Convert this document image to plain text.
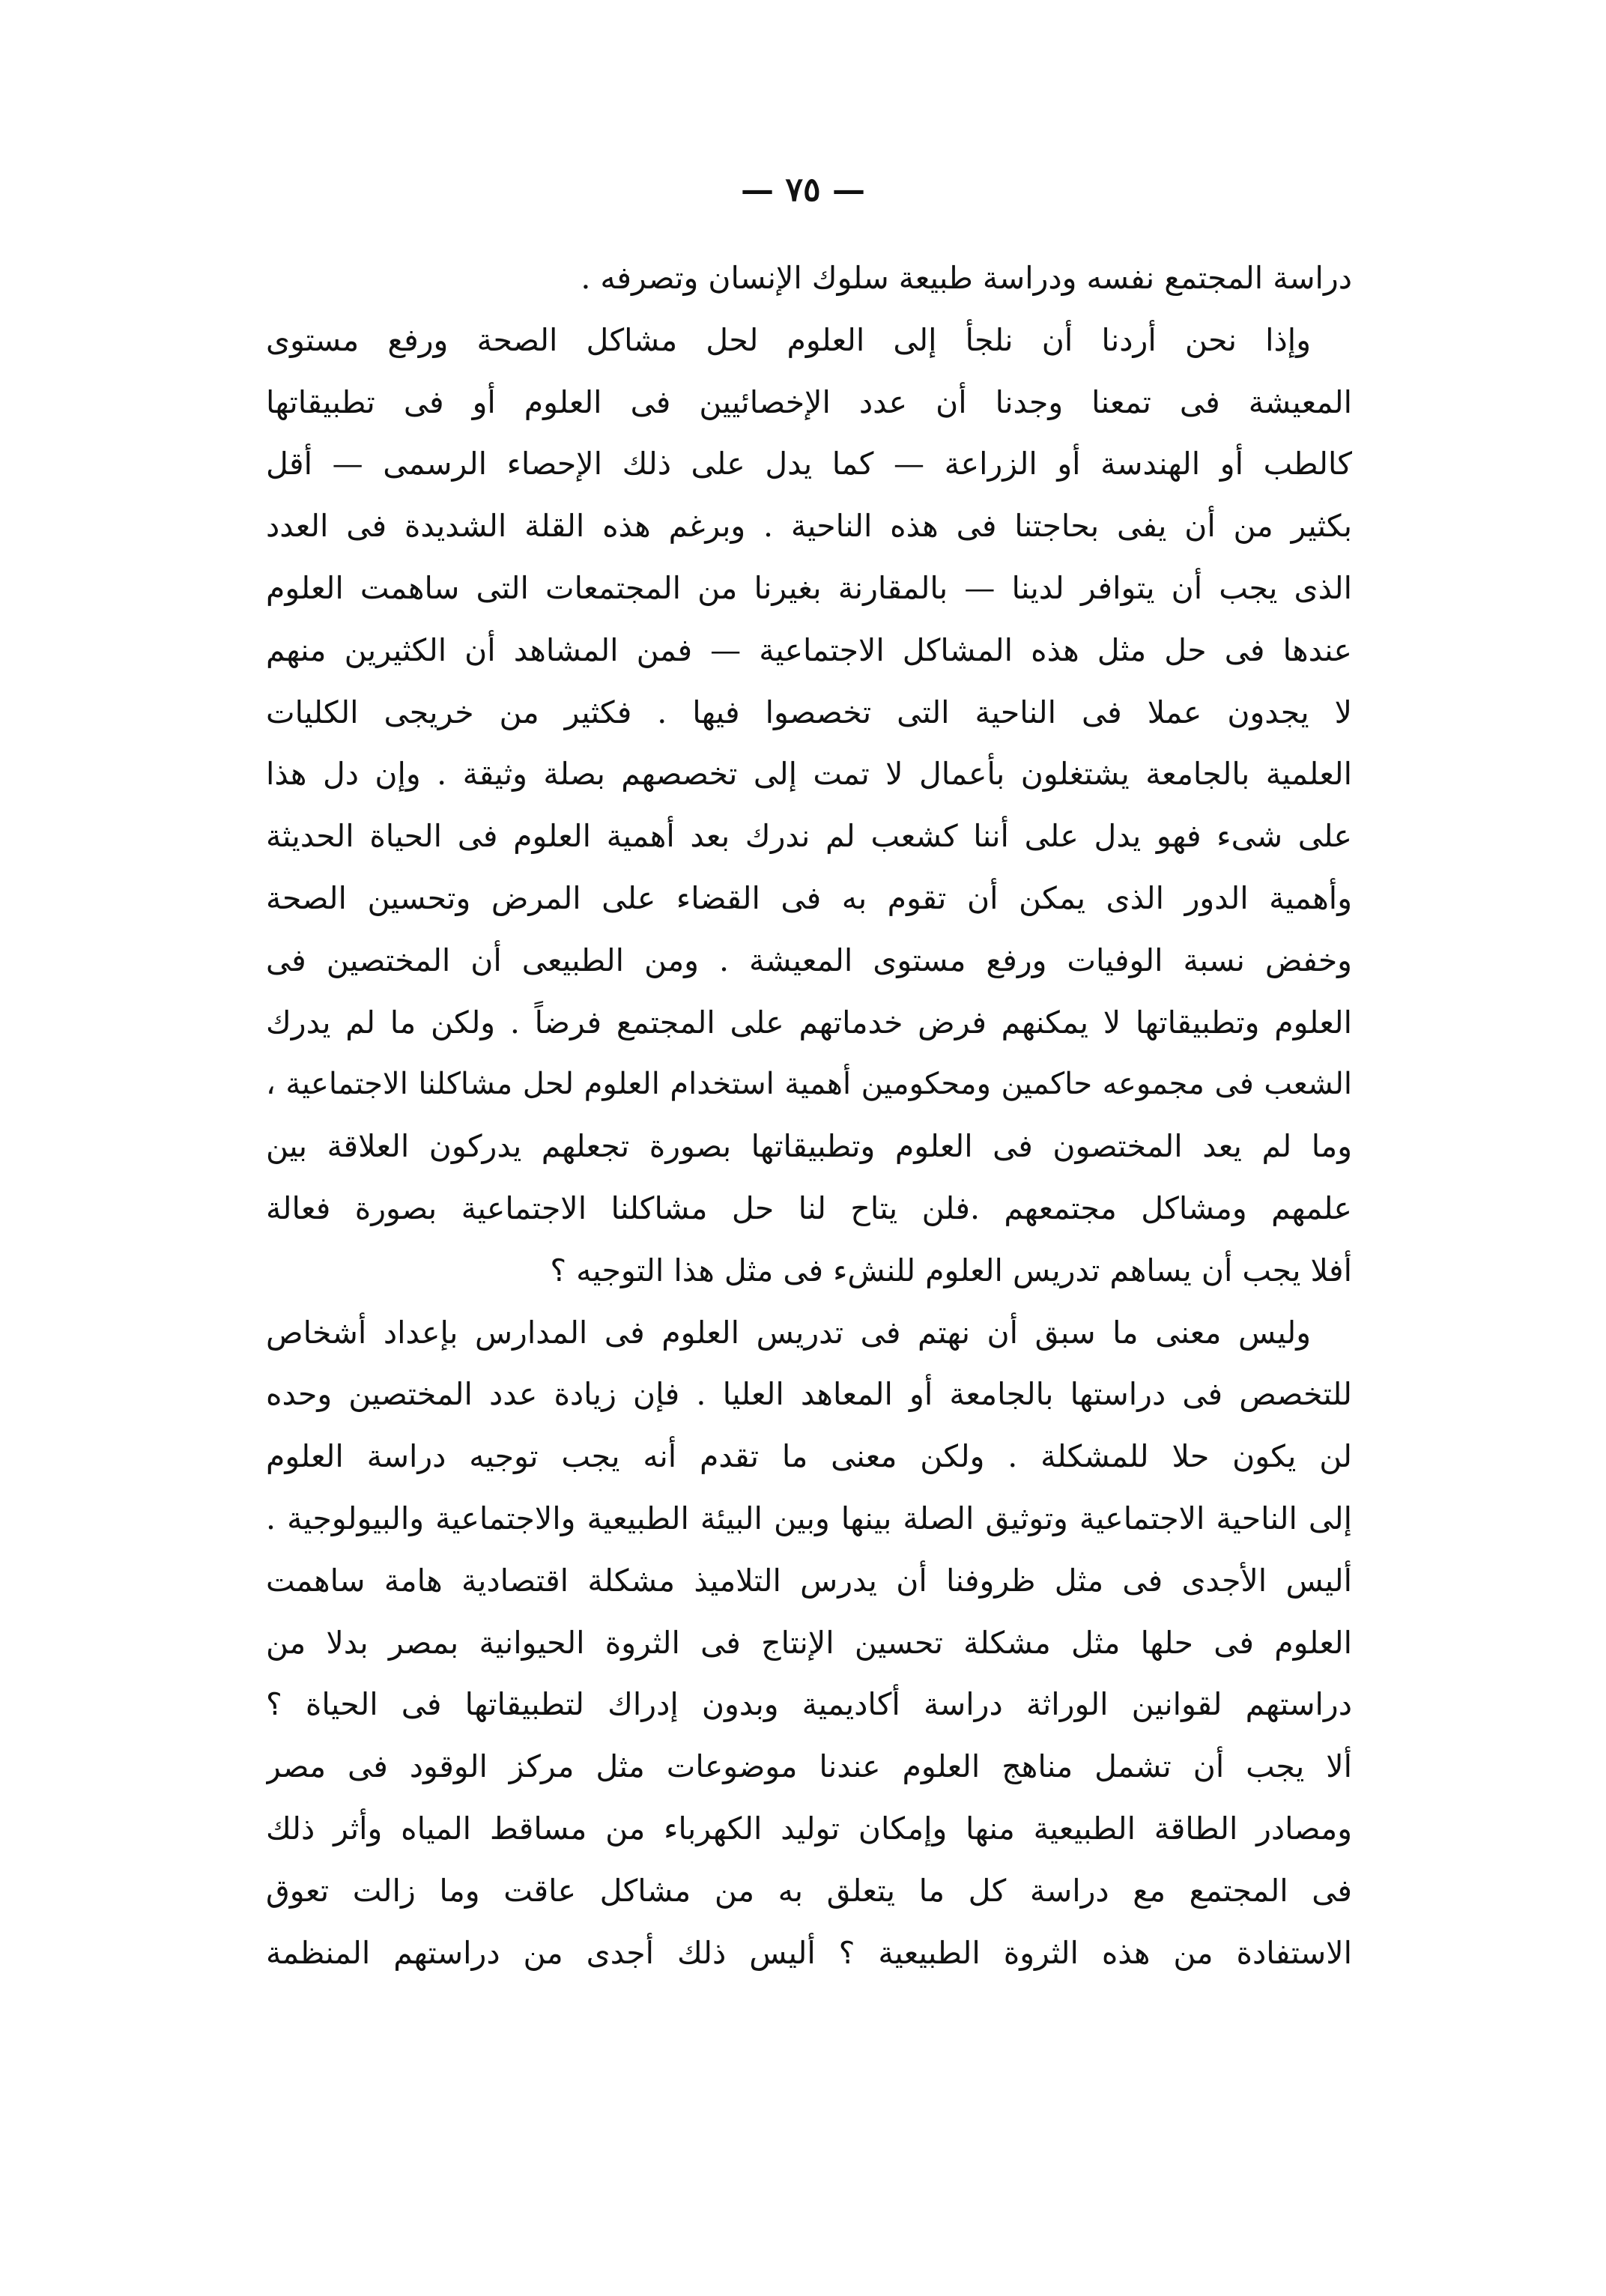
— ٧٥ —
دراسة المجتمع نفسه ودراسة طبيعة سلوك الإنسان وتصرفه .
وإذا نحن أردنا أن نلجأ إلى العلوم لحل مشاكل الصحة ورفع مستوى
المعيشة فى تمعنا وجدنا أن عدد الإخصائيين فى العلوم أو فى تطبيقاتها
كالطب أو الهندسة أو الزراعة — كما يدل على ذلك الإحصاء الرسمى — أقل
بكثير من أن يفى بحاجتنا فى هذه الناحية . وبرغم هذه القلة الشديدة فى العدد
الذى يجب أن يتوافر لدينا — بالمقارنة بغيرنا من المجتمعات التى ساهمت العلوم
عندها فى حل مثل هذه المشاكل الاجتماعية — فمن المشاهد أن الكثيرين منهم
لا يجدون عملا فى الناحية التى تخصصوا فيها . فكثير من خريجى الكليات
العلمية بالجامعة يشتغلون بأعمال لا تمت إلى تخصصهم بصلة وثيقة . وإن دل هذا
على شىء فهو يدل على أننا كشعب لم ندرك بعد أهمية العلوم فى الحياة الحديثة
وأهمية الدور الذى يمكن أن تقوم به فى القضاء على المرض وتحسين الصحة
وخفض نسبة الوفيات ورفع مستوى المعيشة . ومن الطبيعى أن المختصين فى
العلوم وتطبيقاتها لا يمكنهم فرض خدماتهم على المجتمع فرضاً . ولكن ما لم يدرك
الشعب فى مجموعه حاكمين ومحكومين أهمية استخدام العلوم لحل مشاكلنا الاجتماعية ،
وما لم يعد المختصون فى العلوم وتطبيقاتها بصورة تجعلهم يدركون العلاقة بين
علمهم ومشاكل مجتمعهم .فلن يتاح لنا حل مشاكلنا الاجتماعية بصورة فعالة
أفلا يجب أن يساهم تدريس العلوم للنشء فى مثل هذا التوجيه ؟
وليس معنى ما سبق أن نهتم فى تدريس العلوم فى المدارس بإعداد أشخاص
للتخصص فى دراستها بالجامعة أو المعاهد العليا . فإن زيادة عدد المختصين وحده
لن يكون حلا للمشكلة . ولكن معنى ما تقدم أنه يجب توجيه دراسة العلوم
إلى الناحية الاجتماعية وتوثيق الصلة بينها وبين البيئة الطبيعية والاجتماعية والبيولوجية .
أليس الأجدى فى مثل ظروفنا أن يدرس التلاميذ مشكلة اقتصادية هامة ساهمت
العلوم فى حلها مثل مشكلة تحسين الإنتاج فى الثروة الحيوانية بمصر بدلا من
دراستهم لقوانين الوراثة دراسة أكاديمية وبدون إدراك لتطبيقاتها فى الحياة ؟
ألا يجب أن تشمل مناهج العلوم عندنا موضوعات مثل مركز الوقود فى مصر
ومصادر الطاقة الطبيعية منها وإمكان توليد الكهرباء من مساقط المياه وأثر ذلك
فى المجتمع مع دراسة كل ما يتعلق به من مشاكل عاقت وما زالت تعوق
الاستفادة من هذه الثروة الطبيعية ؟ أليس ذلك أجدى من دراستهم المنظمة
